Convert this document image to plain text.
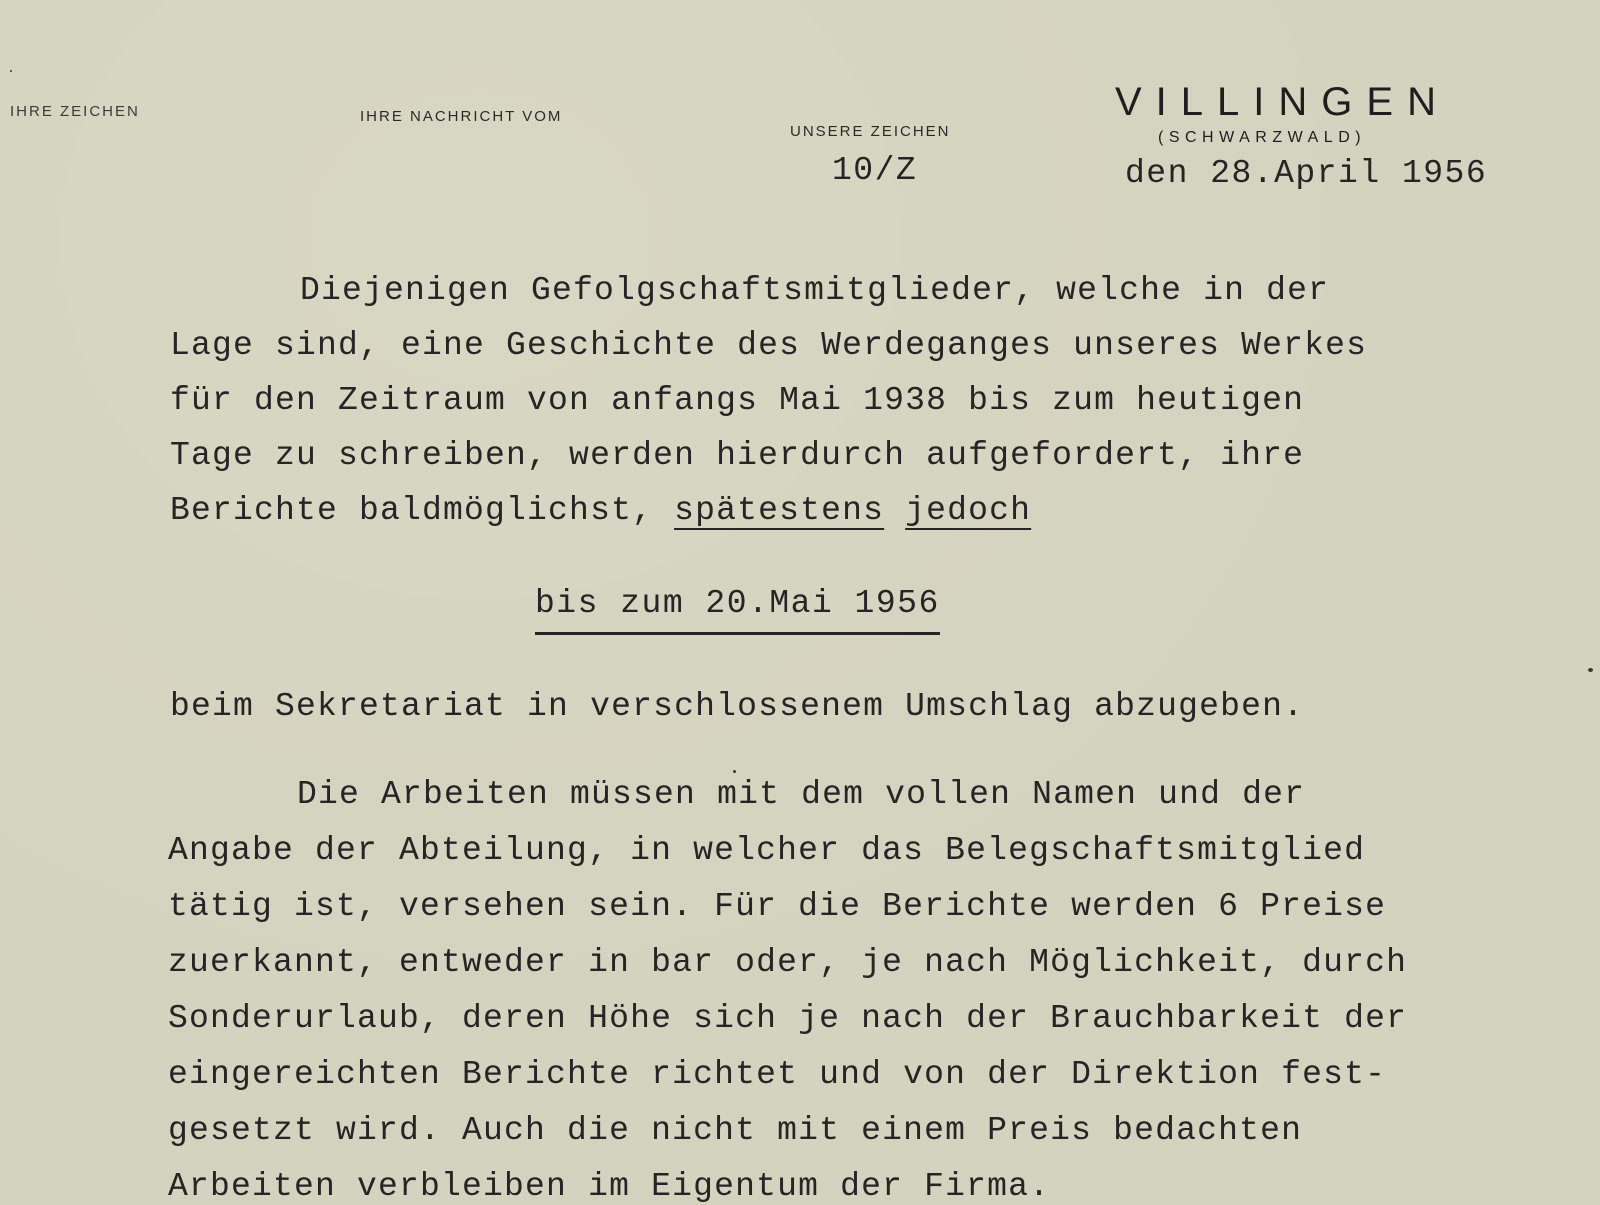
IHRE ZEICHEN	IHRE NACHRICHT VOM
UNSERE ZEICHEN
10/Z
VILLINGEN
(SCHWARZWALD)
den 28.April 1956
Diejenigen Gefolgschaftsmitglieder, welche in der
Lage sind, eine Geschichte des Werdeganges unseres Werkes
für den Zeitraum von anfangs Mai 1938 bis zum heutigen
Tage zu schreiben, werden hierdurch aufgefordert, ihre
Berichte baldmöglichst, spätestens jedoch
bis zum 20.Mai 1956
beim Sekretariat in verschlossenem Umschlag abzugeben.
Die Arbeiten müssen mit dem vollen Namen und der
Angabe der Abteilung, in welcher das Belegschaftsmitglied
tätig ist, versehen sein. Für die Berichte werden 6 Preise
zuerkannt, entweder in bar oder, je nach Möglichkeit, durch
Sonderurlaub, deren Höhe sich je nach der Brauchbarkeit der
eingereichten Berichte richtet und von der Direktion fest-
gesetzt wird. Auch die nicht mit einem Preis bedachten
Arbeiten verbleiben im Eigentum der Firma.
